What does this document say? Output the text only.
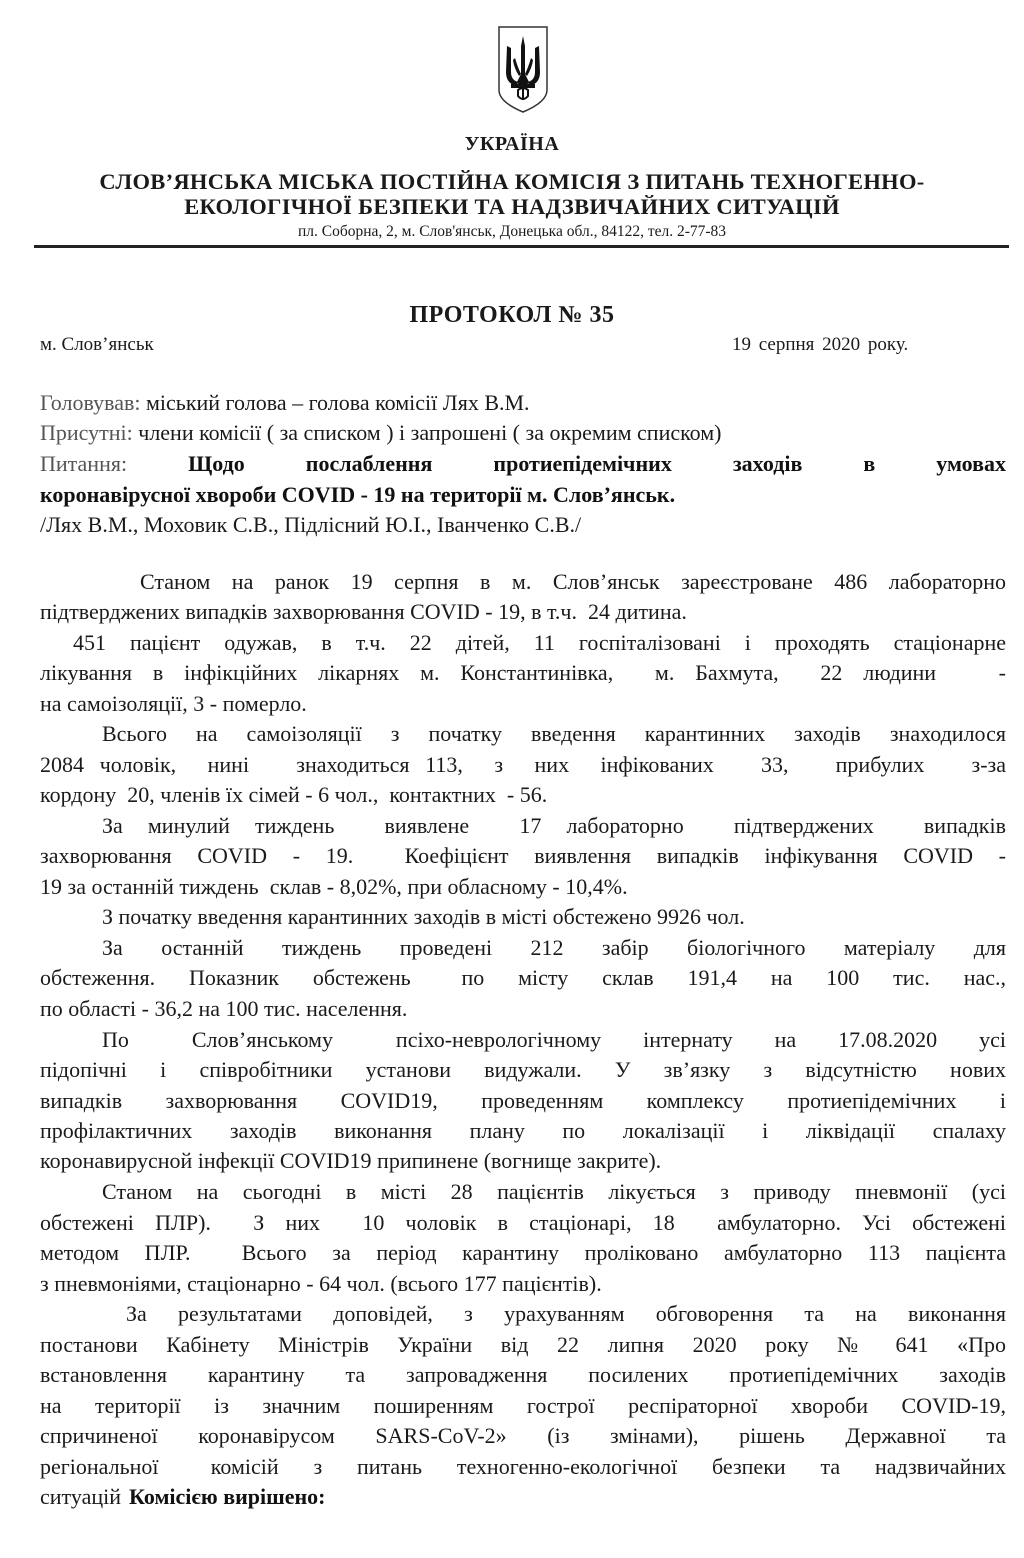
УКРАЇНА
СЛОВ’ЯНСЬКА МІСЬКА ПОСТІЙНА КОМІСІЯ З ПИТАНЬ ТЕХНОГЕННО-
ЕКОЛОГІЧНОЇ БЕЗПЕКИ ТА НАДЗВИЧАЙНИХ СИТУАЦІЙ
пл. Соборна, 2, м. Слов'янськ, Донецька обл., 84122, тел. 2-77-83
ПРОТОКОЛ № 35
м. Слов’янськ	19 серпня 2020 року.
Головував: міський голова – голова комісії Лях В.М.
Присутні: члени комісії ( за списком ) і запрошені ( за окремим списком)
Питання:	Щодо	послаблення	протиепідемічних	заходів	в	умовах
коронавірусної хвороби COVID - 19 на території м. Слов’янськ.
/Лях В.М., Моховик С.В., Підлісний Ю.І., Іванченко С.В./
Станом на ранок 19 серпня в м. Слов’янськ зареєстроване 486 лабораторно
підтверджених випадків захворювання COVID - 19, в т.ч.  24 дитина.
451 пацієнт одужав, в т.ч. 22 дітей, 11 госпіталізовані і проходять стаціонарне
лікування в інфікційних лікарнях м. Константинівка,  м. Бахмута,  22 людини   -
на самоізоляції, 3 - померло.
Всього на самоізоляції з початку введення карантинних заходів знаходилося
2084 чоловік,  нині   знаходиться 113,  з  них  інфікованих   33,   прибулих   з-за
кордону  20, членів їх сімей - 6 чол.,  контактних  - 56.
За минулий тиждень  виявлене  17 лабораторно  підтверджених  випадків
захворювання COVID - 19.  Коефіцієнт виявлення випадків інфікування COVID -
19 за останній тиждень  склав - 8,02%, при обласному - 10,4%.
З початку введення карантинних заходів в місті обстежено 9926 чол.
За  останній  тиждень  проведені  212  забір  біологічного  матеріалу  для
обстеження.  Показник  обстежень   по  місту  склав  191,4  на  100  тис.  нас.,
по області - 36,2 на 100 тис. населення.
По   Слов’янському   псіхо-неврологічному  інтернату  на  17.08.2020  усі
підопічні  і  співробітники  установи  видужали.  У  зв’язку  з  відсутністю  нових
випадків  захворювання  COVID19,  проведенням  комплексу  протиепідемічних  і
профілактичних  заходів  виконання  плану  по  локалізації  і  ліквідації  спалаху
коронавирусной інфекції COVID19 припинене (вогнище закрите).
Станом на сьогодні в місті 28 пацієнтів лікується з приводу пневмонії (усі
обстежені ПЛР).  З них  10 чоловік в стаціонарі, 18  амбулаторно. Усі обстежені
методом ПЛР.  Всього за період карантину проліковано амбулаторно 113 пацієнта
з пневмоніями, стаціонарно - 64 чол. (всього 177 пацієнтів).
За результатами доповідей, з урахуванням обговорення та на виконання
постанови  Кабінету  Міністрів  України  від  22  липня  2020  року  №  641  «Про
встановлення  карантину  та  запровадження  посилених  протиепідемічних  заходів
на  території  із  значним  поширенням  гострої  респіраторної  хвороби  COVID-19,
спричиненої  коронавірусом  SARS-CoV-2»  (із  змінами),  рішень  Державної  та
регіональної   комісій  з  питань  техногенно-екологічної  безпеки  та  надзвичайних
ситуацій Комісією вирішено:
